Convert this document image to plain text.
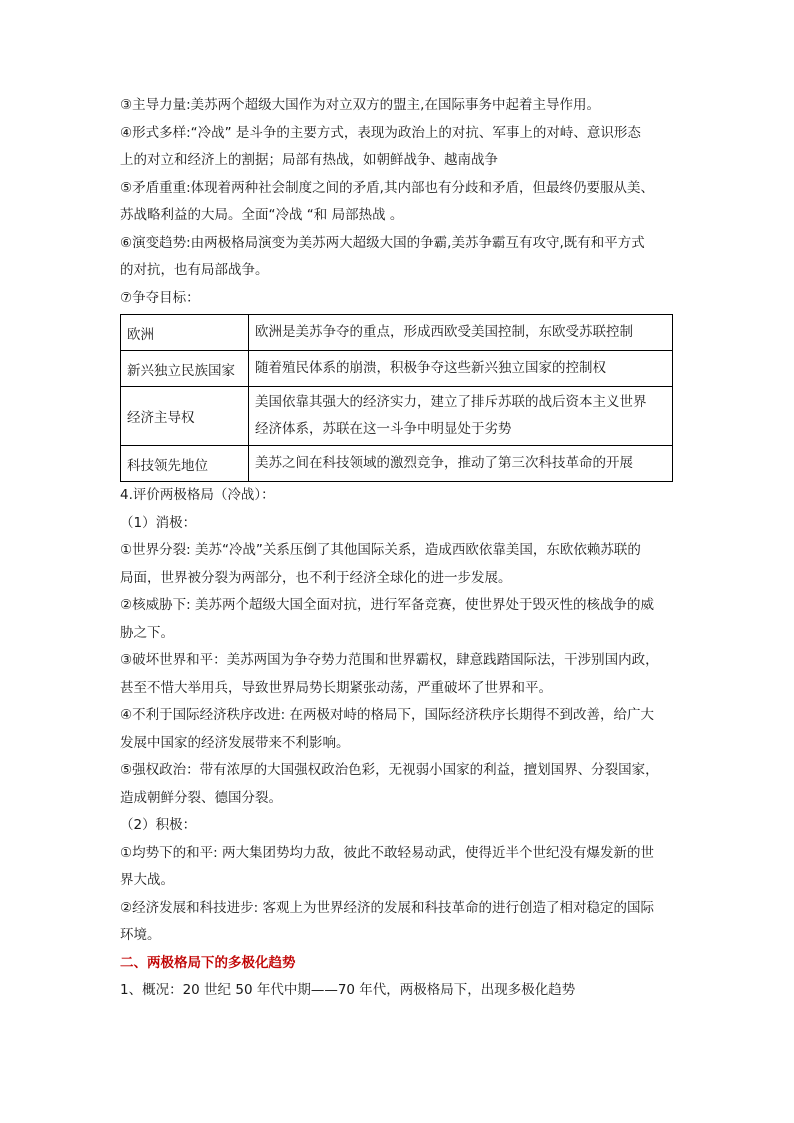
③主导力量:美苏两个超级大国作为对立双方的盟主,在国际事务中起着主导作用。
④形式多样:“冷战” 是斗争的主要方式，表现为政治上的对抗、军事上的对峙、意识形态
上的对立和经济上的割据；局部有热战，如朝鲜战争、越南战争
⑤矛盾重重:体现着两种社会制度之间的矛盾,其内部也有分歧和矛盾，但最终仍要服从美、
苏战略利益的大局。全面“冷战 “和 局部热战 。
⑥演变趋势:由两极格局演变为美苏两大超级大国的争霸,美苏争霸互有攻守,既有和平方式
的对抗，也有局部战争。
⑦争夺目标：
欧洲	欧洲是美苏争夺的重点，形成西欧受美国控制，东欧受苏联控制

新兴独立民族国家	随着殖民体系的崩溃，积极争夺这些新兴独立国家的控制权

经济主导权	美国依靠其强大的经济实力，建立了排斥苏联的战后资本主义世界
经济体系，苏联在这一斗争中明显处于劣势

科技领先地位	美苏之间在科技领域的激烈竞争，推动了第三次科技革命的开展
4.评价两极格局（冷战）：
（1）消极：
①世界分裂: 美苏“冷战”关系压倒了其他国际关系，造成西欧依靠美国，东欧依赖苏联的
局面，世界被分裂为两部分，也不利于经济全球化的进一步发展。
②核威胁下: 美苏两个超级大国全面对抗，进行军备竞赛，使世界处于毁灭性的核战争的威
胁之下。
③破坏世界和平：美苏两国为争夺势力范围和世界霸权，肆意践踏国际法，干涉别国内政，
甚至不惜大举用兵，导致世界局势长期紧张动荡，严重破坏了世界和平。
④不利于国际经济秩序改进: 在两极对峙的格局下，国际经济秩序长期得不到改善，给广大
发展中国家的经济发展带来不利影响。
⑤强权政治：带有浓厚的大国强权政治色彩，无视弱小国家的利益，擅划国界、分裂国家，
造成朝鲜分裂、德国分裂。
（2）积极：
①均势下的和平: 两大集团势均力敌，彼此不敢轻易动武，使得近半个世纪没有爆发新的世
界大战。
②经济发展和科技进步: 客观上为世界经济的发展和科技革命的进行创造了相对稳定的国际
环境。
二、两极格局下的多极化趋势
1、概况：20 世纪 50 年代中期——70 年代，两极格局下，出现多极化趋势
